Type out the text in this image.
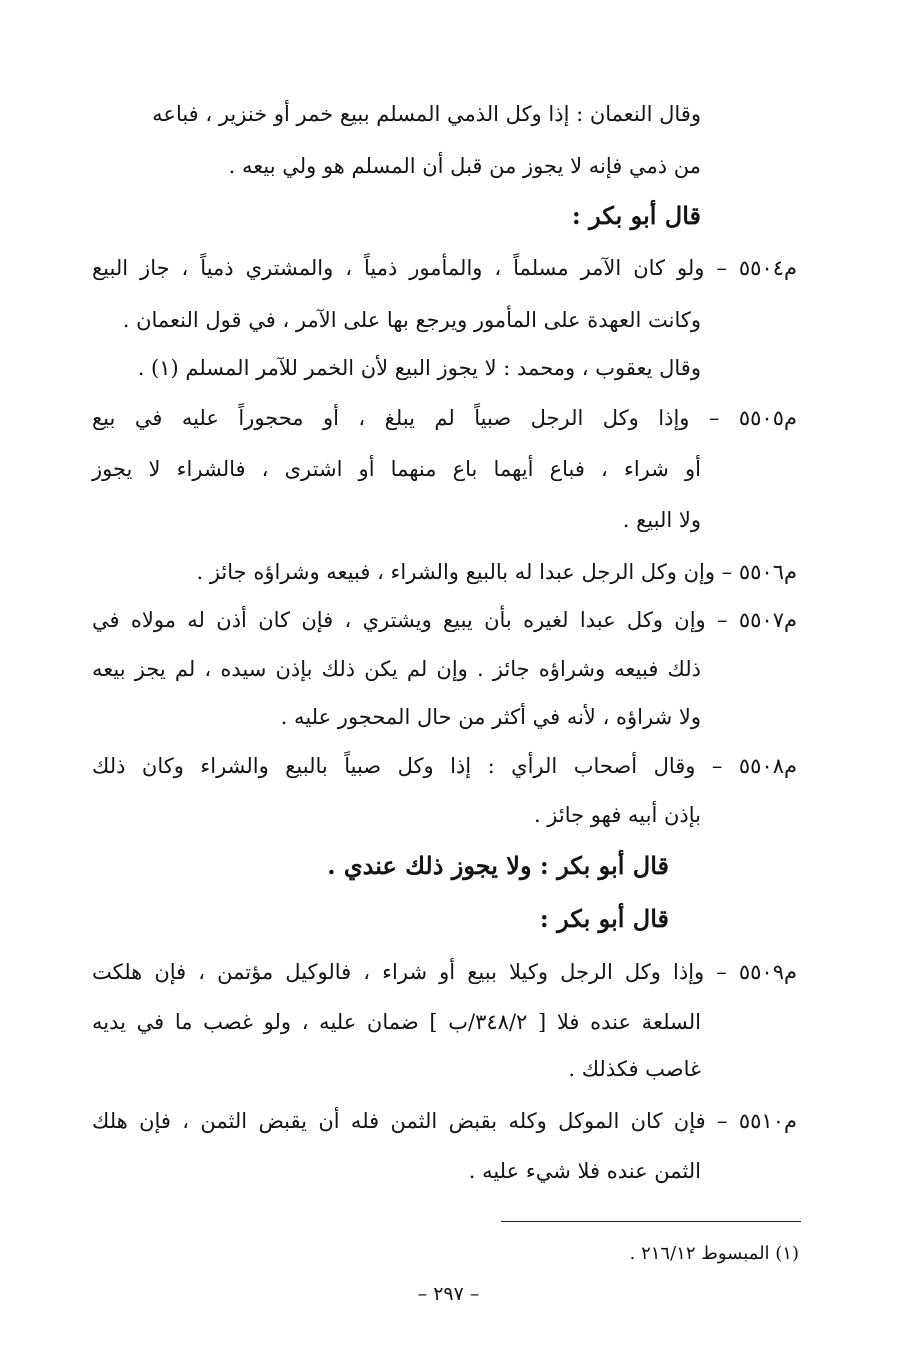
وقال النعمان : إذا وكل الذمي المسلم ببيع خمر أو خنزير ، فباعه
من ذمي فإنه لا يجوز من قبل أن المسلم هو ولي بيعه .
قال أبو بكر :
م٥٥٠٤ – ولو كان الآمر مسلماً ، والمأمور ذمياً ، والمشتري ذمياً ، جاز البيع
وكانت العهدة على المأمور ويرجع بها على الآمر ، في قول النعمان .
وقال يعقوب ، ومحمد : لا يجوز البيع لأن الخمر للآمر المسلم (١) .
م٥٥٠٥ – وإذا وكل الرجل صبياً لم يبلغ ، أو محجوراً عليه في بيع
أو شراء ، فباع أيهما باع منهما أو اشترى ، فالشراء لا يجوز
ولا البيع .
م٥٥٠٦ – وإن وكل الرجل عبدا له بالبيع والشراء ، فبيعه وشراؤه جائز .
م٥٥٠٧ – وإن وكل عبدا لغيره بأن يبيع ويشتري ، فإن كان أذن له مولاه في
ذلك فبيعه وشراؤه جائز . وإن لم يكن ذلك بإذن سيده ، لم يجز بيعه
ولا شراؤه ، لأنه في أكثر من حال المحجور عليه .
م٥٥٠٨ – وقال أصحاب الرأي : إذا وكل صبياً بالبيع والشراء وكان ذلك
بإذن أبيه فهو جائز .
قال أبو بكر : ولا يجوز ذلك عندي .
قال أبو بكر :
م٥٥٠٩ – وإذا وكل الرجل وكيلا ببيع أو شراء ، فالوكيل مؤتمن ، فإن هلكت
السلعة عنده فلا [ ٣٤٨/٢/ب ] ضمان عليه ، ولو غصب ما في يديه
غاصب فكذلك .
م٥٥١٠ – فإن كان الموكل وكله بقبض الثمن فله أن يقبض الثمن ، فإن هلك
الثمن عنده فلا شيء عليه .
(١) المبسوط ٢١٦/١٢ .
– ٢٩٧ –
